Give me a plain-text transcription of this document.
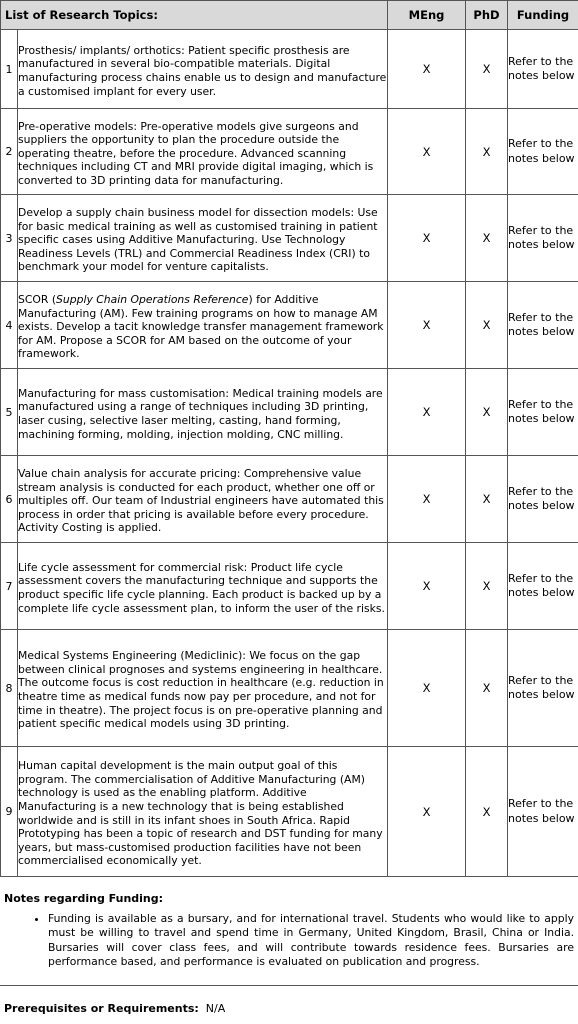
List of Research Topics:		MEng	PhD	Funding
1	Prosthesis/ implants/ orthotics: Patient specific prosthesis are manufactured in several bio-compatible materials. Digital manufacturing process chains enable us to design and manufacture a customised implant for every user.	X	X	Refer to the notes below
2	Pre-operative models: Pre-operative models give surgeons and suppliers the opportunity to plan the procedure outside the operating theatre, before the procedure. Advanced scanning techniques including CT and MRI provide digital imaging, which is converted to 3D printing data for manufacturing.	X	X	Refer to the notes below
3	Develop a supply chain business model for dissection models: Use for basic medical training as well as customised training in patient specific cases using Additive Manufacturing. Use Technology Readiness Levels (TRL) and Commercial Readiness Index (CRI) to benchmark your model for venture capitalists.	X	X	Refer to the notes below
4	SCOR (Supply Chain Operations Reference) for Additive Manufacturing (AM). Few training programs on how to manage AM exists. Develop a tacit knowledge transfer management framework for AM. Propose a SCOR for AM based on the outcome of your framework.	X	X	Refer to the notes below
5	Manufacturing for mass customisation: Medical training models are manufactured using a range of techniques including 3D printing, laser cusing, selective laser melting, casting, hand forming, machining forming, molding, injection molding, CNC milling.	X	X	Refer to the notes below
6	Value chain analysis for accurate pricing: Comprehensive value stream analysis is conducted for each product, whether one off or multiples off. Our team of Industrial engineers have automated this process in order that pricing is available before every procedure. Activity Costing is applied.	X	X	Refer to the notes below
7	Life cycle assessment for commercial risk: Product life cycle assessment covers the manufacturing technique and supports the product specific life cycle planning. Each product is backed up by a complete life cycle assessment plan, to inform the user of the risks.	X	X	Refer to the notes below
8	Medical Systems Engineering (Mediclinic): We focus on the gap between clinical prognoses and systems engineering in healthcare. The outcome focus is cost reduction in healthcare (e.g. reduction in theatre time as medical funds now pay per procedure, and not for time in theatre). The project focus is on pre-operative planning and patient specific medical models using 3D printing.	X	X	Refer to the notes below
9	Human capital development is the main output goal of this program. The commercialisation of Additive Manufacturing (AM) technology is used as the enabling platform. Additive Manufacturing is a new technology that is being established worldwide and is still in its infant shoes in South Africa. Rapid Prototyping has been a topic of research and DST funding for many years, but mass-customised production facilities have not been commercialised economically yet.	X	X	Refer to the notes below
Notes regarding Funding:
• Funding is available as a bursary, and for international travel. Students who would like to apply must be willing to travel and spend time in Germany, United Kingdom, Brasil, China or India. Bursaries will cover class fees, and will contribute towards residence fees. Bursaries are performance based, and performance is evaluated on publication and progress.
Prerequisites or Requirements: N/A
